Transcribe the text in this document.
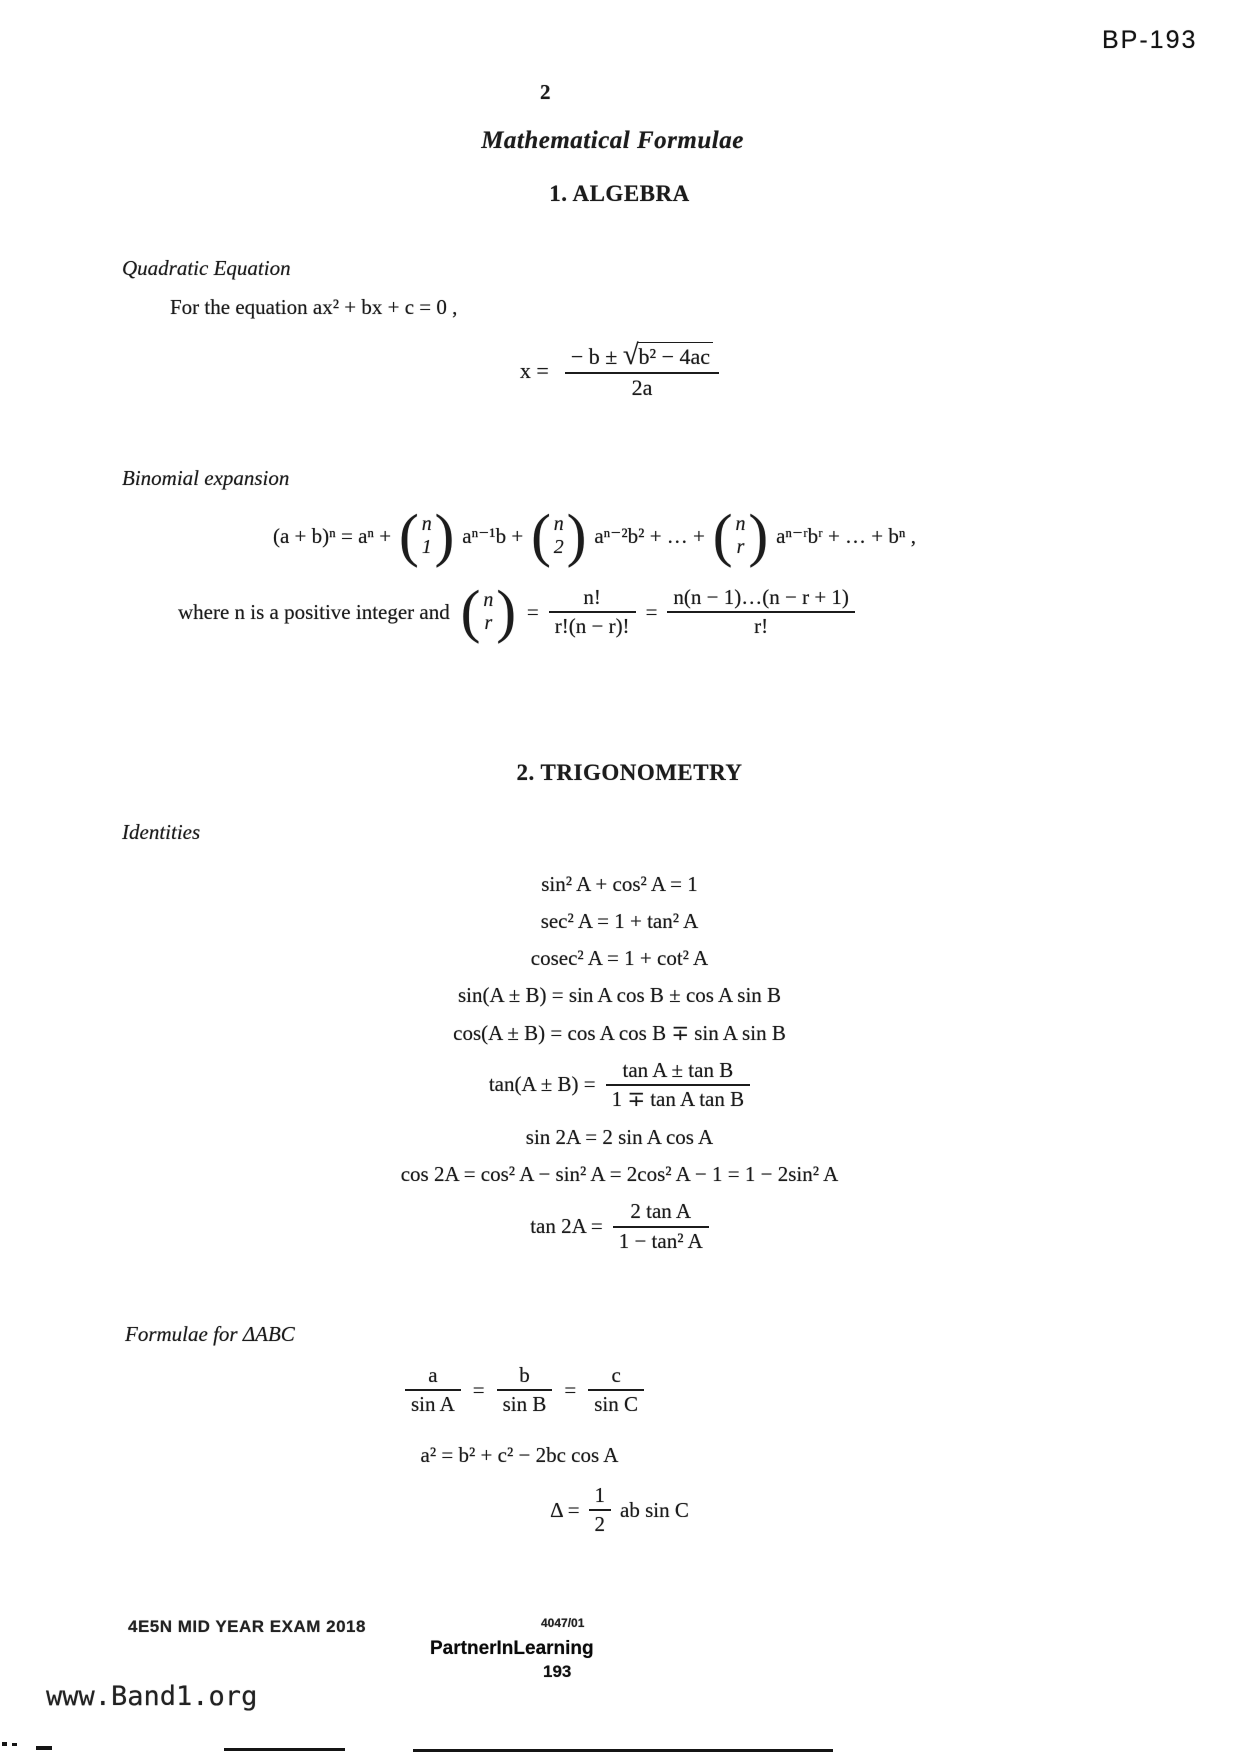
BP-193
2
Mathematical Formulae
1. ALGEBRA
Quadratic Equation
For the equation ax² + bx + c = 0 ,
$x = \frac{\text{− b ± √ b² − 4ac}}{2a}$
Binomial expansion
(a + b)ⁿ = aⁿ + ( n
1
) aⁿ⁻¹b + ( n
2
) aⁿ⁻²b² + … + ( n
r
) aⁿ⁻ʳbʳ + … + bⁿ ,
where n is a positive integer and ( n
r
) = $\frac{n!}{r!(n - r)!} = \frac{n(n - 1)\dots(n - r + 1)}{r!}$
2. TRIGONOMETRY
Identities
sin² A + cos² A = 1
sec² A = 1 + tan² A
cosec² A = 1 + cot² A
sin(A ± B) = sin A cos B ± cos A sin B
cos(A ± B) = cos A cos B ∓ sin A sin B
$\tan(A \pm B) = \frac{\text{tan A ± tan B}}{\text{1 ∓ tan A tan B}}$
sin 2A = 2 sin A cos A
cos 2A = cos² A − sin² A = 2cos² A − 1 = 1 − 2sin² A
$\tan 2A = \frac{\text{2 tan A}}{\text{1 − tan² A}}$
Formulae for ΔABC
$\frac{a}{\text{sin A}} = \frac{b}{\text{sin B}} = \frac{c}{\text{sin C}}$
a² = b² + c² − 2bc cos A
$\Delta = \frac{1}{2}$ ab sin C
4E5N MID YEAR EXAM 2018	4047/01
PartnerInLearning
193
www.Band1.org
